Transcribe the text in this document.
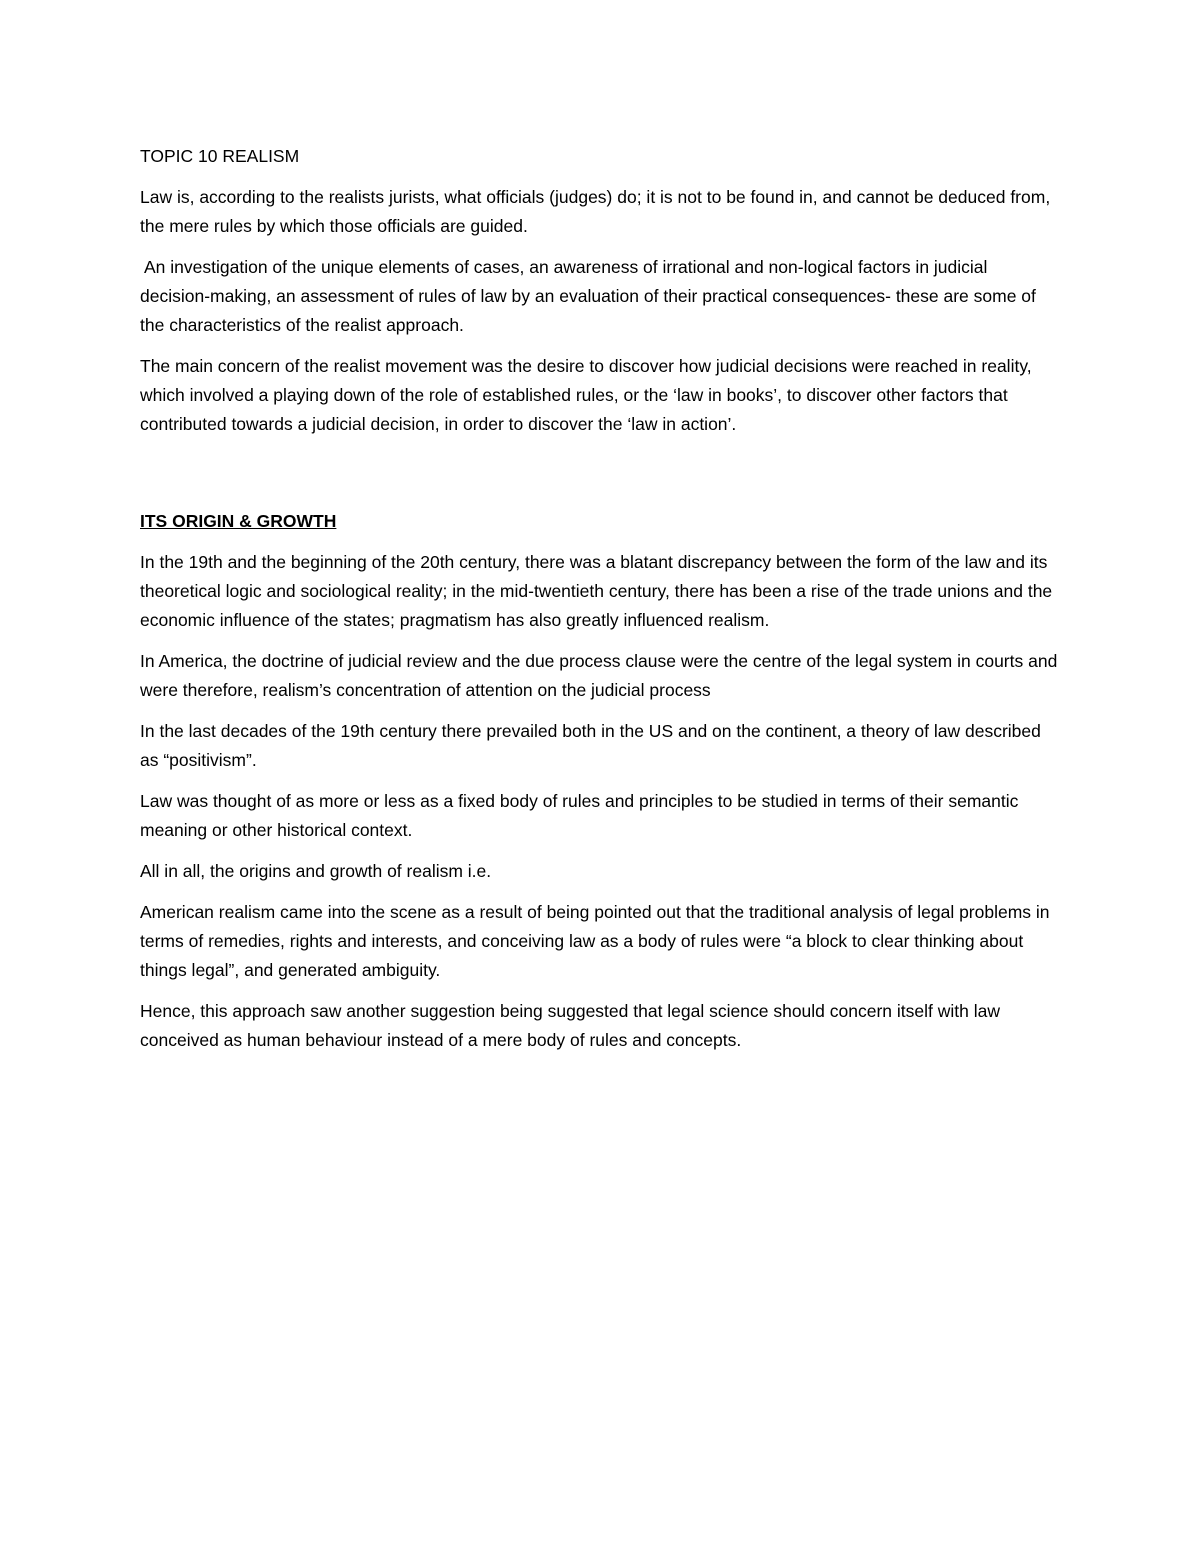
TOPIC 10 REALISM

Law is, according to the realists jurists, what officials (judges) do; it is not to be found in, and cannot be deduced from, the mere rules by which those officials are guided.

An investigation of the unique elements of cases, an awareness of irrational and non-logical factors in judicial decision-making, an assessment of rules of law by an evaluation of their practical consequences- these are some of the characteristics of the realist approach.

The main concern of the realist movement was the desire to discover how judicial decisions were reached in reality, which involved a playing down of the role of established rules, or the ‘law in books’, to discover other factors that contributed towards a judicial decision, in order to discover the ‘law in action’.

ITS ORIGIN & GROWTH

In the 19th and the beginning of the 20th century, there was a blatant discrepancy between the form of the law and its theoretical logic and sociological reality; in the mid-twentieth century, there has been a rise of the trade unions and the economic influence of the states; pragmatism has also greatly influenced realism.

In America, the doctrine of judicial review and the due process clause were the centre of the legal system in courts and were therefore, realism’s concentration of attention on the judicial process

In the last decades of the 19th century there prevailed both in the US and on the continent, a theory of law described as “positivism”.

Law was thought of as more or less as a fixed body of rules and principles to be studied in terms of their semantic meaning or other historical context.

All in all, the origins and growth of realism i.e.

American realism came into the scene as a result of being pointed out that the traditional analysis of legal problems in terms of remedies, rights and interests, and conceiving law as a body of rules were “a block to clear thinking about things legal”, and generated ambiguity.

Hence, this approach saw another suggestion being suggested that legal science should concern itself with law conceived as human behaviour instead of a mere body of rules and concepts.
